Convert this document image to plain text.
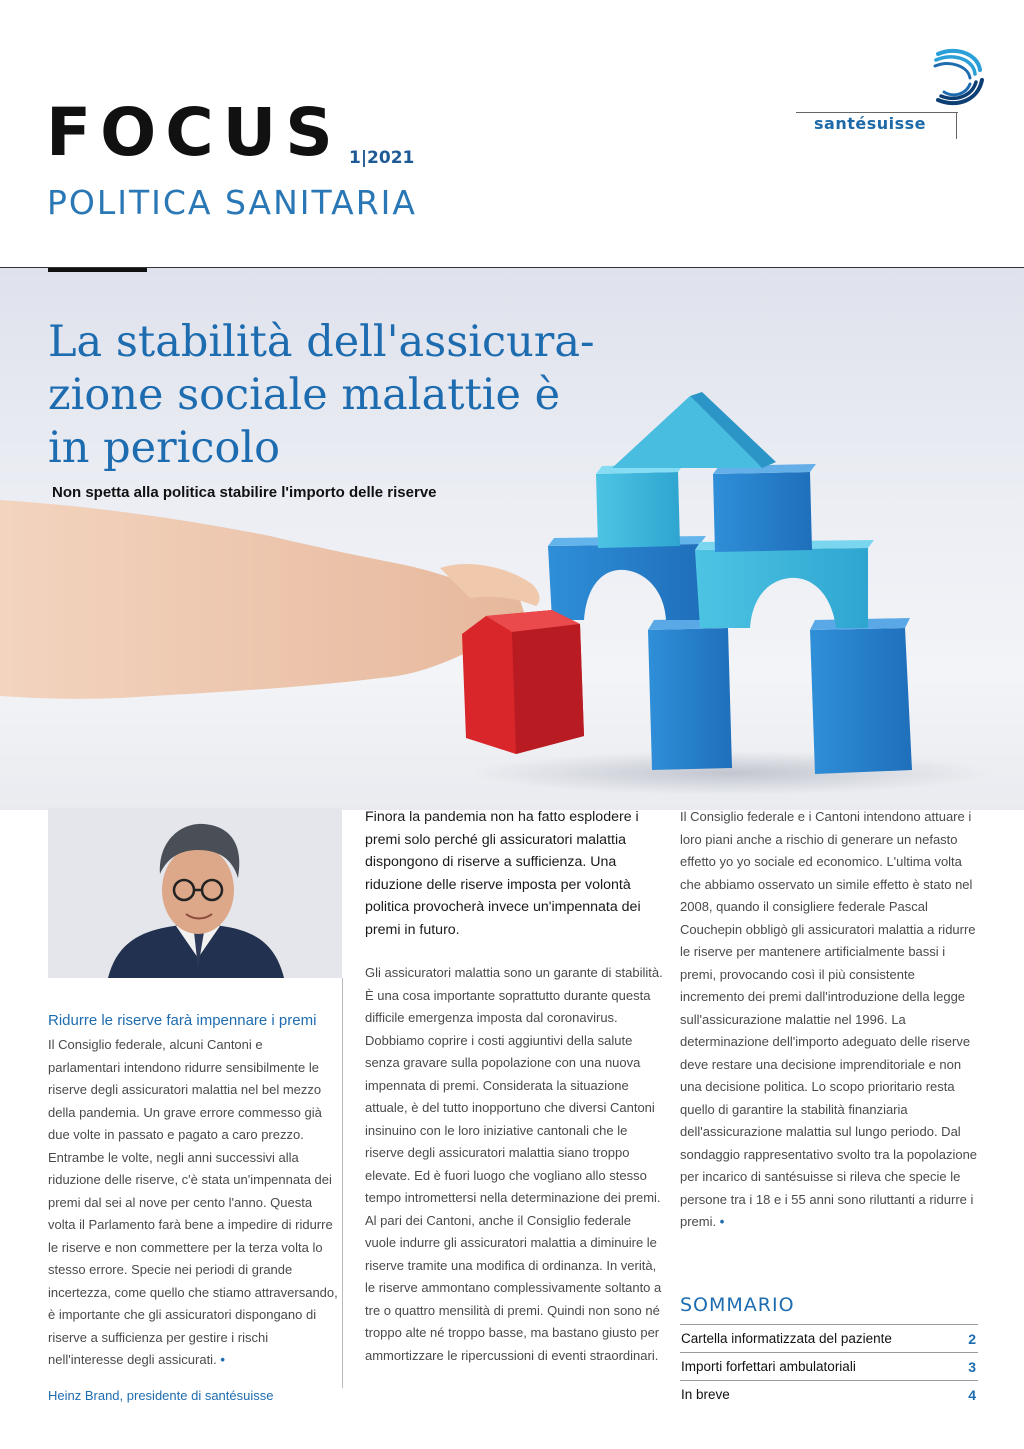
FOCUS 1|2021
POLITICA SANITARIA
santésuisse
La stabilità dell'assicura-
zione sociale malattie è
in pericolo
Non spetta alla politica stabilire l'importo delle riserve
Ridurre le riserve farà impennare i premi

Il Consiglio federale, alcuni Cantoni e parlamentari intendono ridurre sensibilmente le riserve degli assicuratori malattia nel bel mezzo della pandemia. Un grave errore commesso già due volte in passato e pagato a caro prezzo. Entrambe le volte, negli anni successivi alla riduzione delle riserve, c'è stata un'impennata dei premi dal sei al nove per cento l'anno. Questa volta il Parlamento farà bene a impedire di ridurre le riserve e non commettere per la terza volta lo stesso errore. Specie nei periodi di grande incertezza, come quello che stiamo attraversando, è importante che gli assicuratori dispongano di riserve a sufficienza per gestire i rischi nell'interesse degli assicurati. •

Heinz Brand, presidente di santésuisse

Finora la pandemia non ha fatto esplodere i premi solo perché gli assicuratori malattia dispongono di riserve a sufficienza. Una riduzione delle riserve imposta per volontà politica provocherà invece un'impennata dei premi in futuro.

Gli assicuratori malattia sono un garante di stabilità. È una cosa importante soprattutto durante questa difficile emergenza imposta dal coronavirus. Dobbiamo coprire i costi aggiuntivi della salute senza gravare sulla popolazione con una nuova impennata di premi. Considerata la situazione attuale, è del tutto inopportuno che diversi Cantoni insinuino con le loro iniziative cantonali che le riserve degli assicuratori malattia siano troppo elevate. Ed è fuori luogo che vogliano allo stesso tempo intromettersi nella determinazione dei premi. Al pari dei Cantoni, anche il Consiglio federale vuole indurre gli assicuratori malattia a diminuire le riserve tramite una modifica di ordinanza. In verità, le riserve ammontano complessivamente soltanto a tre o quattro mensilità di premi. Quindi non sono né troppo alte né troppo basse, ma bastano giusto per ammortizzare le ripercussioni di eventi straordinari.

Il Consiglio federale e i Cantoni intendono attuare i loro piani anche a rischio di generare un nefasto effetto yo yo sociale ed economico. L'ultima volta che abbiamo osservato un simile effetto è stato nel 2008, quando il consigliere federale Pascal Couchepin obbligò gli assicuratori malattia a ridurre le riserve per mantenere artificialmente bassi i premi, provocando così il più consistente incremento dei premi dall'introduzione della legge sull'assicurazione malattie nel 1996. La determinazione dell'importo adeguato delle riserve deve restare una decisione imprenditoriale e non una decisione politica. Lo scopo prioritario resta quello di garantire la stabilità finanziaria dell'assicurazione malattia sul lungo periodo. Dal sondaggio rappresentativo svolto tra la popolazione per incarico di santésuisse si rileva che specie le persone tra i 18 e i 55 anni sono riluttanti a ridurre i premi. •

SOMMARIO
Cartella informatizzata del paziente	2
Importi forfettari ambulatoriali	3
In breve	4
